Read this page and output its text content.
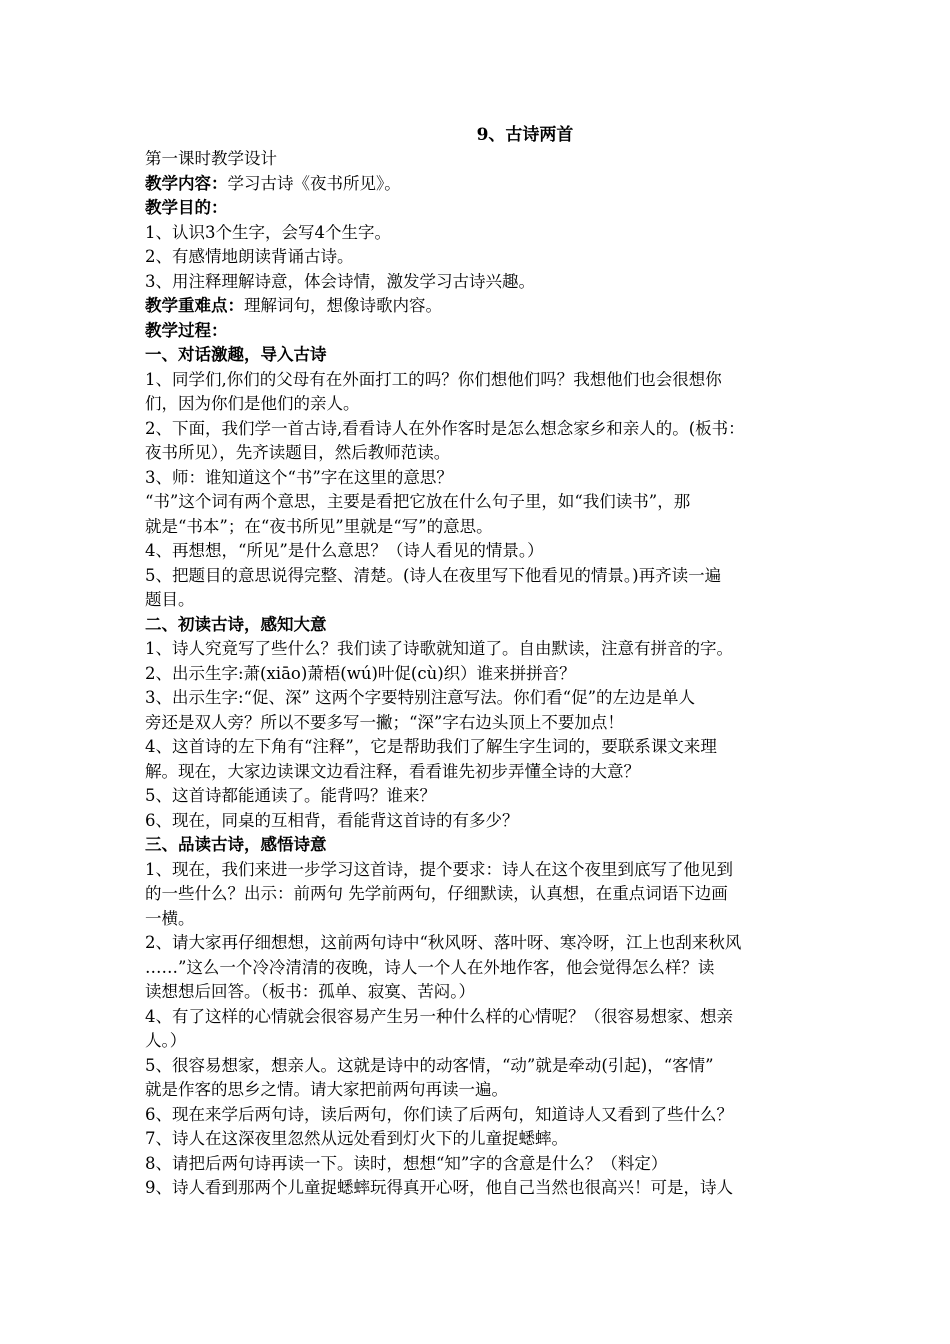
9、古诗两首
第一课时教学设计
教学内容：学习古诗《夜书所见》。
教学目的：
1、认识3个生字，会写4个生字。
2、有感情地朗读背诵古诗。
3、用注释理解诗意，体会诗情，激发学习古诗兴趣。
教学重难点：理解词句，想像诗歌内容。
教学过程：
一、对话激趣，导入古诗
1、同学们,你们的父母有在外面打工的吗？你们想他们吗？我想他们也会很想你
们，因为你们是他们的亲人。
2、下面，我们学一首古诗,看看诗人在外作客时是怎么想念家乡和亲人的。(板书：
夜书所见），先齐读题目，然后教师范读。
3、师：谁知道这个“书”字在这里的意思？
“书”这个词有两个意思，主要是看把它放在什么句子里，如“我们读书”，那
就是“书本”；在“夜书所见”里就是“写”的意思。
4、再想想，“所见”是什么意思？（诗人看见的情景。）
5、把题目的意思说得完整、清楚。(诗人在夜里写下他看见的情景。)再齐读一遍
题目。
二、初读古诗，感知大意
1、诗人究竟写了些什么？我们读了诗歌就知道了。自由默读，注意有拼音的字。
2、出示生字:萧(xiāo)萧梧(wú)叶促(cù)织）谁来拼拼音？
3、出示生字:“促、深” 这两个字要特别注意写法。你们看“促”的左边是单人
旁还是双人旁？所以不要多写一撇；“深”字右边头顶上不要加点！
4、这首诗的左下角有“注释”，它是帮助我们了解生字生词的，要联系课文来理
解。现在，大家边读课文边看注释，看看谁先初步弄懂全诗的大意？
5、这首诗都能通读了。能背吗？谁来？
6、现在，同桌的互相背，看能背这首诗的有多少？
三、品读古诗，感悟诗意
1、现在，我们来进一步学习这首诗，提个要求：诗人在这个夜里到底写了他见到
的一些什么？出示：前两句 先学前两句，仔细默读，认真想，在重点词语下边画
一横。
2、请大家再仔细想想，这前两句诗中“秋风呀、落叶呀、寒冷呀，江上也刮来秋风
……”这么一个冷冷清清的夜晚，诗人一个人在外地作客，他会觉得怎么样？读
读想想后回答。（板书：孤单、寂寞、苦闷。）
4、有了这样的心情就会很容易产生另一种什么样的心情呢？（很容易想家、想亲
人。）
5、很容易想家，想亲人。这就是诗中的动客情，“动”就是牵动(引起)，“客情”
就是作客的思乡之情。请大家把前两句再读一遍。
6、现在来学后两句诗，读后两句，你们读了后两句，知道诗人又看到了些什么？
7、诗人在这深夜里忽然从远处看到灯火下的儿童捉蟋蟀。
8、请把后两句诗再读一下。读时，想想“知”字的含意是什么？（料定）
9、诗人看到那两个儿童捉蟋蟀玩得真开心呀，他自己当然也很高兴！可是，诗人
